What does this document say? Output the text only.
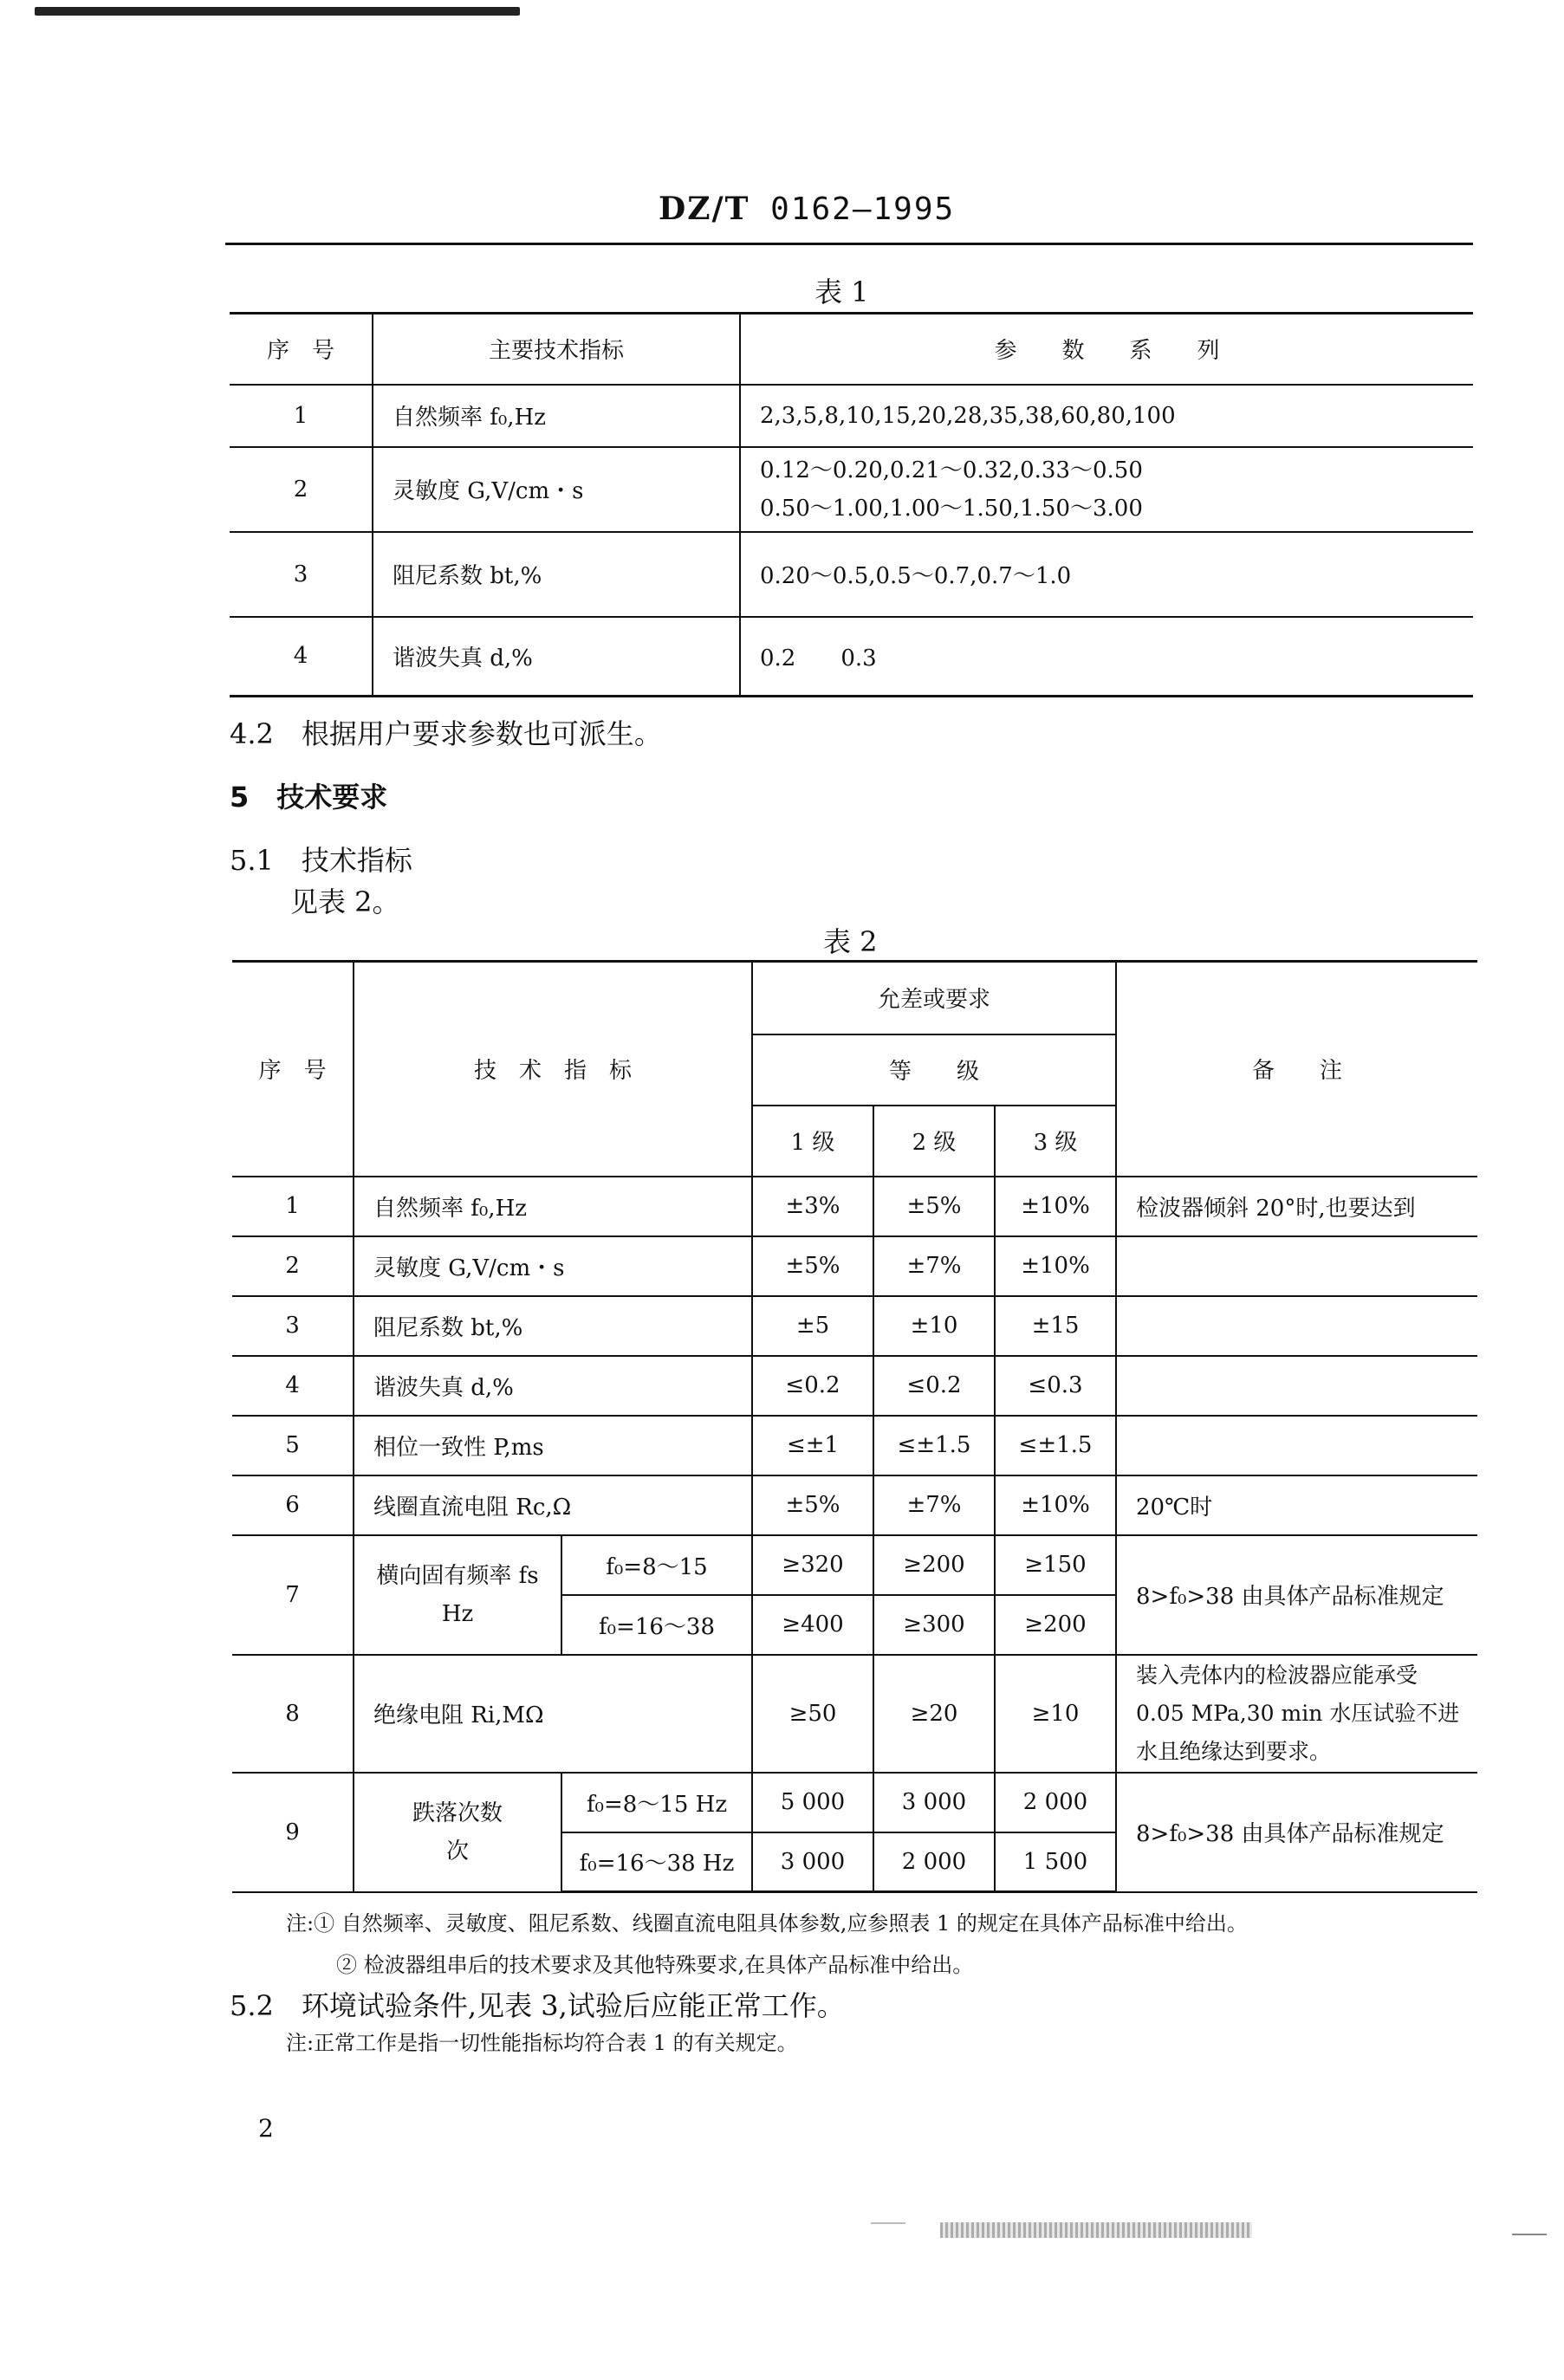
DZ/T 0162—1995
表 1
序　号	主要技术指标	参　　数　　系　　列
1	自然频率 f₀,Hz	2,3,5,8,10,15,20,28,35,38,60,80,100
2	灵敏度 G,V/cm・s	0.12～0.20,0.21～0.32,0.33～0.50
0.50～1.00,1.00～1.50,1.50～3.00

3	阻尼系数 bt,%	0.20～0.5,0.5～0.7,0.7～1.0
4	谐波失真 d,%	0.2　　0.3
4.2　根据用户要求参数也可派生。
5　技术要求
5.1　技术指标
见表 2。
表 2
序　号	技　术　指　标		允差或要求			备　　注
			等　　级			
			1 级	2 级	3 级	
1	自然频率 f₀,Hz		±3%	±5%	±10%	检波器倾斜 20°时,也要达到
2	灵敏度 G,V/cm・s		±5%	±7%	±10%	
3	阻尼系数 bt,%		±5	±10	±15	
4	谐波失真 d,%		≤0.2	≤0.2	≤0.3	
5	相位一致性 P,ms		≤±1	≤±1.5	≤±1.5	
6	线圈直流电阻 Rc,Ω		±5%	±7%	±10%	20℃时
7	横向固有频率 fs
Hz	f₀=8～15	≥320	≥200	≥150	8>f₀>38 由具体产品标准规定
		f₀=16～38	≥400	≥300	≥200	
8	绝缘电阻 Ri,MΩ		≥50	≥20	≥10	装入壳体内的检波器应能承受
0.05 MPa,30 min 水压试验不进
水且绝缘达到要求。

9	跌落次数
次	f₀=8～15 Hz	5 000	3 000	2 000	8>f₀>38 由具体产品标准规定
		f₀=16～38 Hz	3 000	2 000	1 500	
注:① 自然频率、灵敏度、阻尼系数、线圈直流电阻具体参数,应参照表 1 的规定在具体产品标准中给出。
② 检波器组串后的技术要求及其他特殊要求,在具体产品标准中给出。
5.2　环境试验条件,见表 3,试验后应能正常工作。
注:正常工作是指一切性能指标均符合表 1 的有关规定。
2
